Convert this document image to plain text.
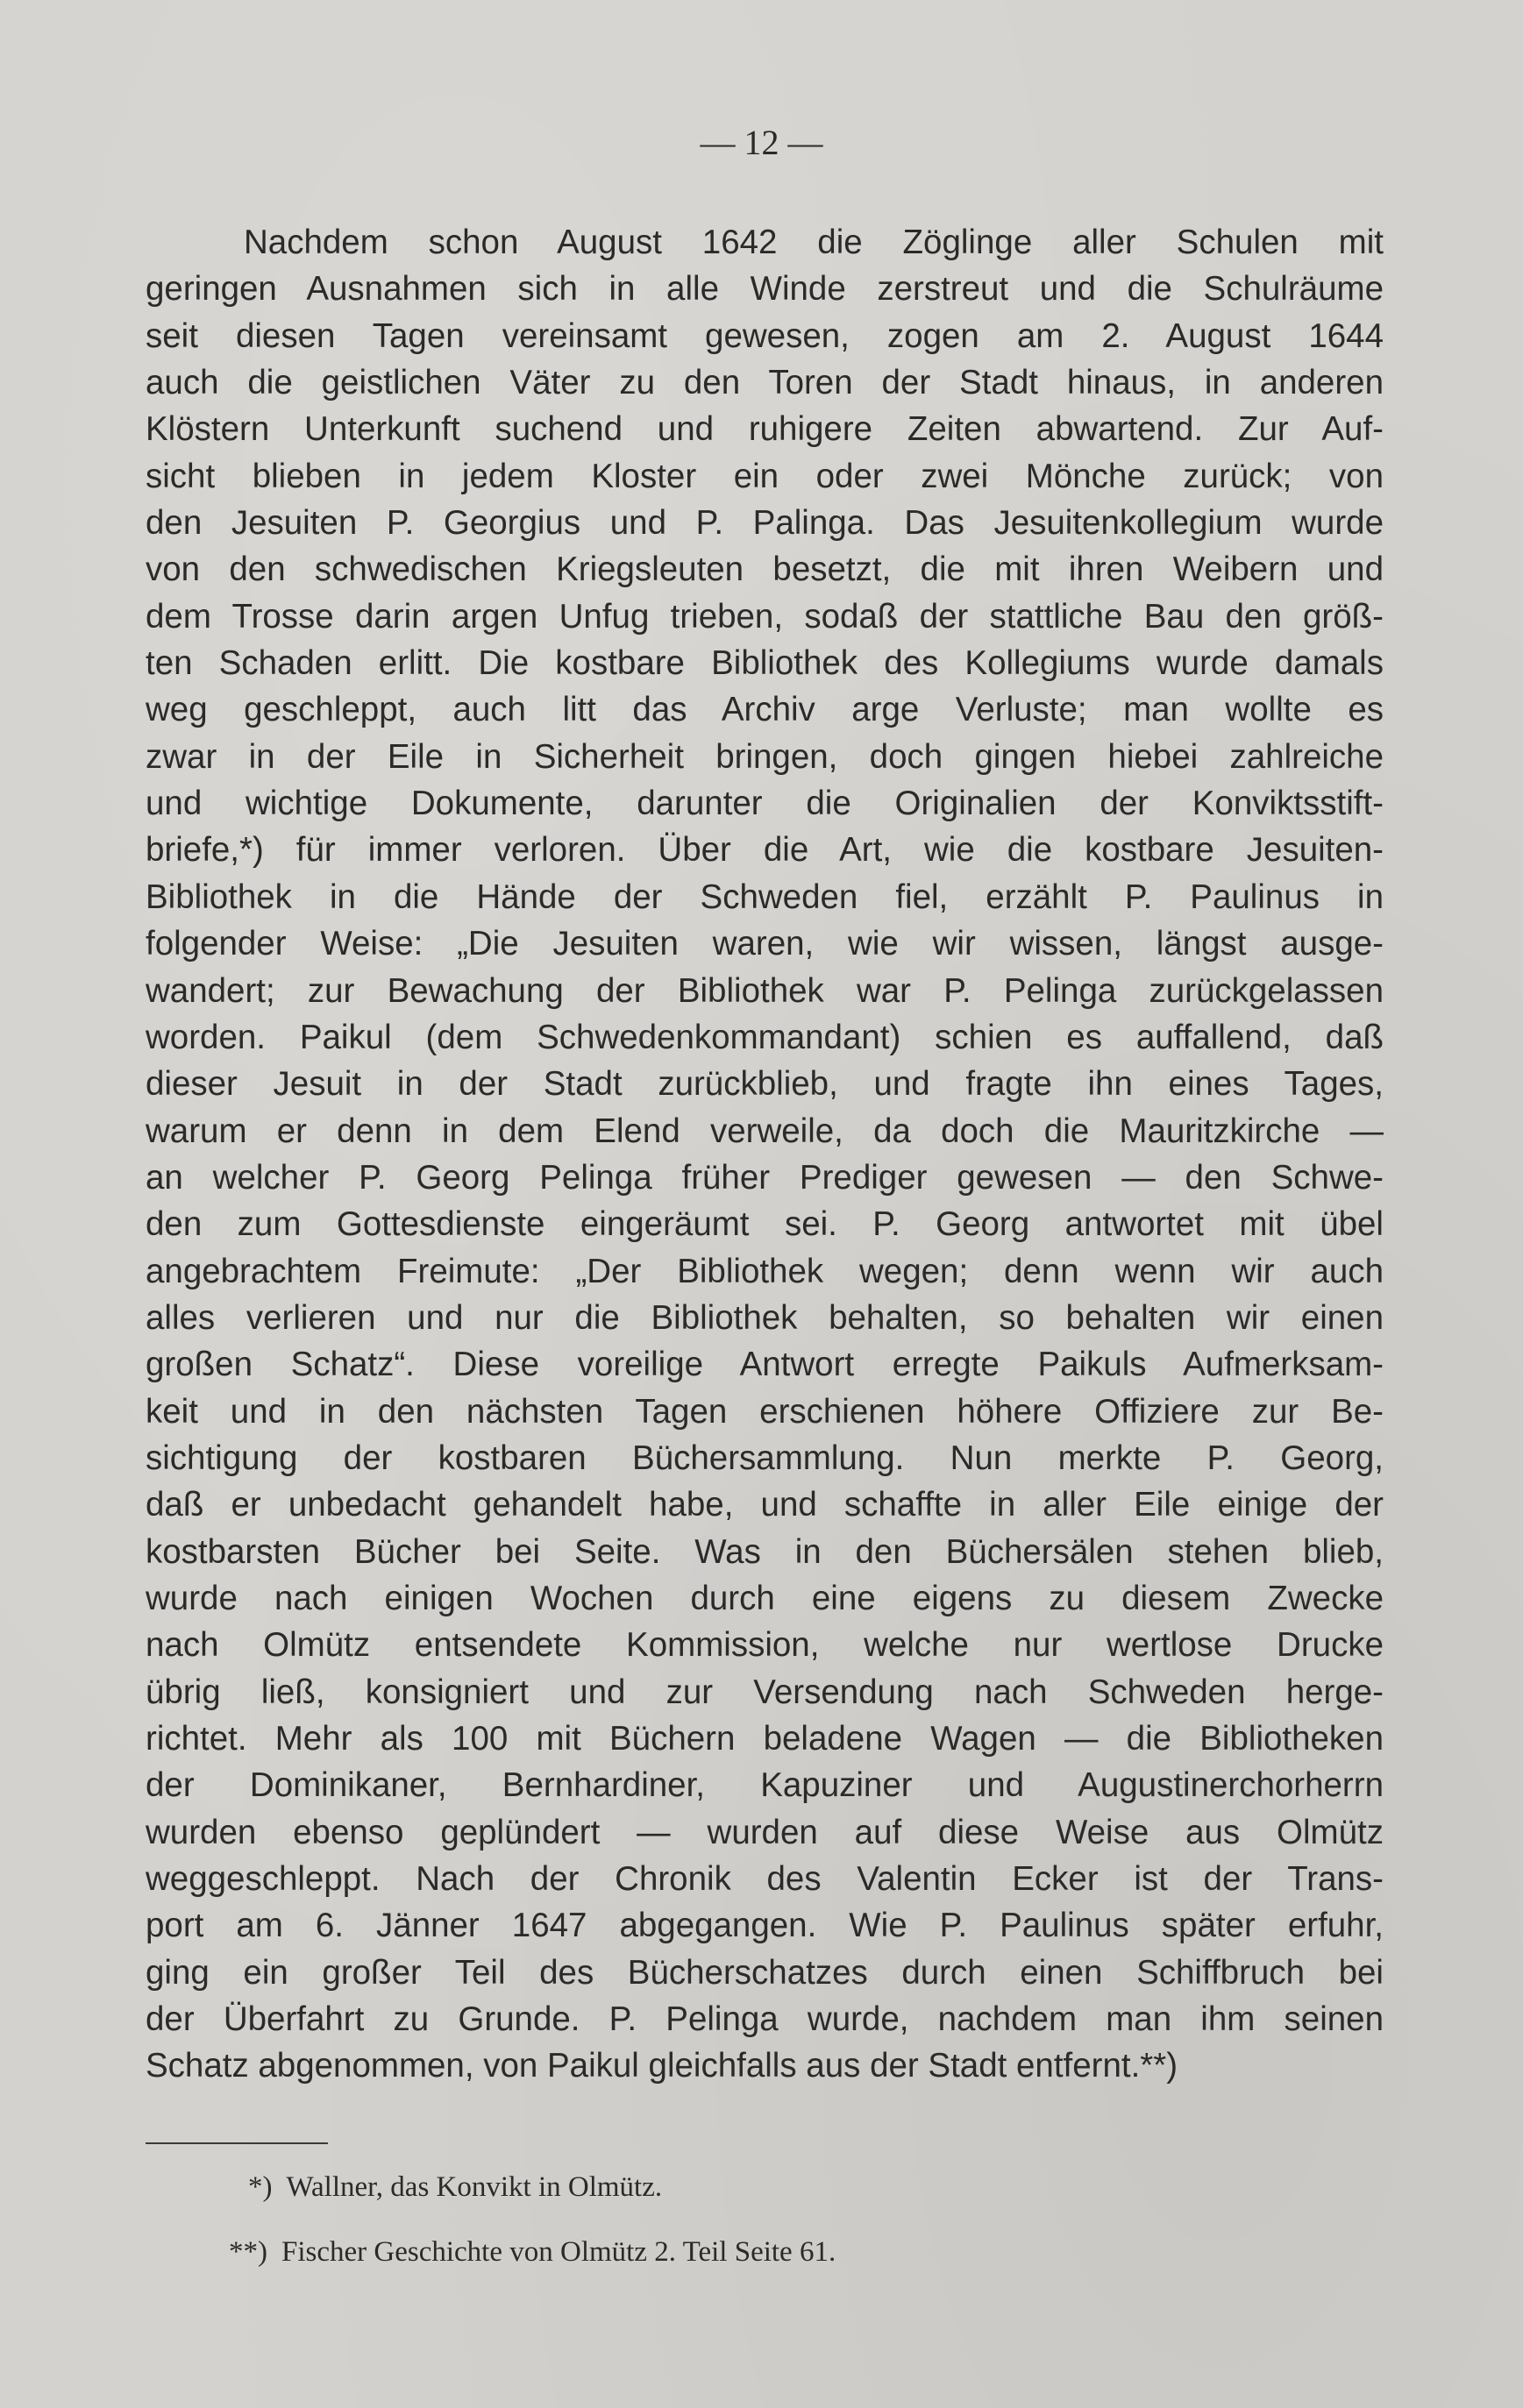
— 12 —
Nachdem schon August 1642 die Zöglinge aller Schulen mit
geringen Ausnahmen sich in alle Winde zerstreut und die Schulräume
seit diesen Tagen vereinsamt gewesen, zogen am 2. August 1644
auch die geistlichen Väter zu den Toren der Stadt hinaus, in anderen
Klöstern Unterkunft suchend und ruhigere Zeiten abwartend. Zur Auf-
sicht blieben in jedem Kloster ein oder zwei Mönche zurück; von
den Jesuiten P. Georgius und P. Palinga. Das Jesuitenkollegium wurde
von den schwedischen Kriegsleuten besetzt, die mit ihren Weibern und
dem Trosse darin argen Unfug trieben, sodaß der stattliche Bau den größ-
ten Schaden erlitt. Die kostbare Bibliothek des Kollegiums wurde damals
weg geschleppt, auch litt das Archiv arge Verluste; man wollte es
zwar in der Eile in Sicherheit bringen, doch gingen hiebei zahlreiche
und wichtige Dokumente, darunter die Originalien der Konviktsstift-
briefe,*) für immer verloren. Über die Art, wie die kostbare Jesuiten-
Bibliothek in die Hände der Schweden fiel, erzählt P. Paulinus in
folgender Weise: „Die Jesuiten waren, wie wir wissen, längst ausge-
wandert; zur Bewachung der Bibliothek war P. Pelinga zurückgelassen
worden. Paikul (dem Schwedenkommandant) schien es auffallend, daß
dieser Jesuit in der Stadt zurückblieb, und fragte ihn eines Tages,
warum er denn in dem Elend verweile, da doch die Mauritzkirche —
an welcher P. Georg Pelinga früher Prediger gewesen — den Schwe-
den zum Gottesdienste eingeräumt sei. P. Georg antwortet mit übel
angebrachtem Freimute: „Der Bibliothek wegen; denn wenn wir auch
alles verlieren und nur die Bibliothek behalten, so behalten wir einen
großen Schatz“. Diese voreilige Antwort erregte Paikuls Aufmerksam-
keit und in den nächsten Tagen erschienen höhere Offiziere zur Be-
sichtigung der kostbaren Büchersammlung. Nun merkte P. Georg,
daß er unbedacht gehandelt habe, und schaffte in aller Eile einige der
kostbarsten Bücher bei Seite. Was in den Büchersälen stehen blieb,
wurde nach einigen Wochen durch eine eigens zu diesem Zwecke
nach Olmütz entsendete Kommission, welche nur wertlose Drucke
übrig ließ, konsigniert und zur Versendung nach Schweden herge-
richtet. Mehr als 100 mit Büchern beladene Wagen — die Bibliotheken
der Dominikaner, Bernhardiner, Kapuziner und Augustinerchorherrn
wurden ebenso geplündert — wurden auf diese Weise aus Olmütz
weggeschleppt. Nach der Chronik des Valentin Ecker ist der Trans-
port am 6. Jänner 1647 abgegangen. Wie P. Paulinus später erfuhr,
ging ein großer Teil des Bücherschatzes durch einen Schiffbruch bei
der Überfahrt zu Grunde. P. Pelinga wurde, nachdem man ihm seinen
Schatz abgenommen, von Paikul gleichfalls aus der Stadt entfernt.**)
*) Wallner, das Konvikt in Olmütz.
**) Fischer Geschichte von Olmütz 2. Teil Seite 61.
